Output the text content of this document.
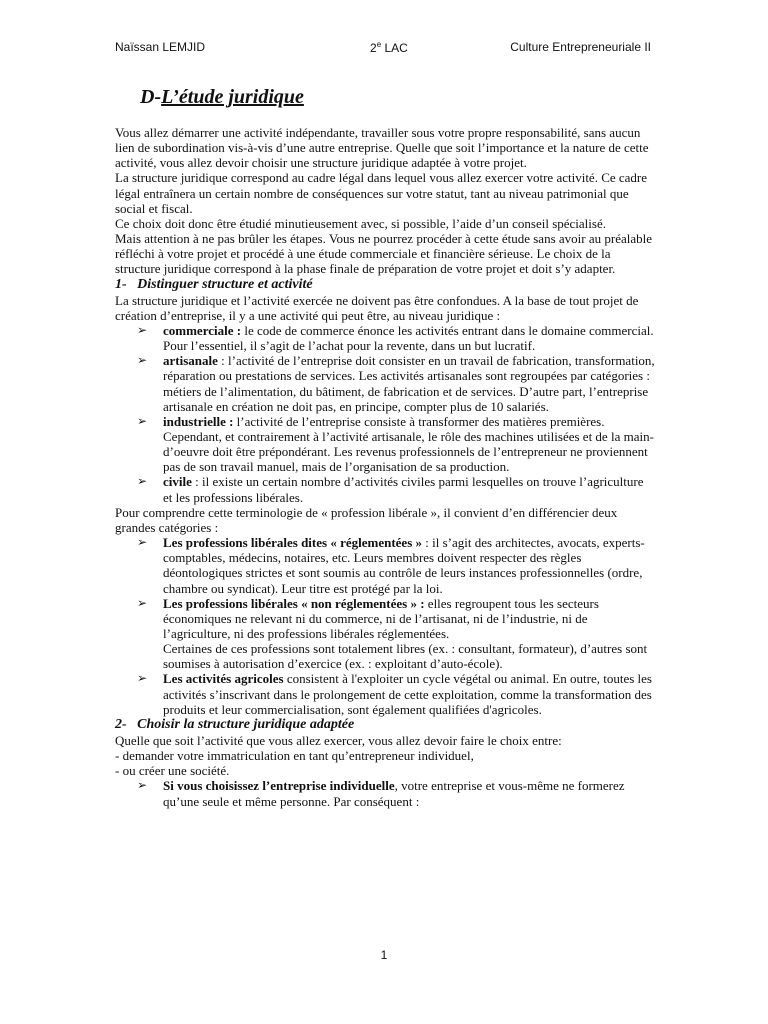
Naïssan LEMJID	2e LAC	Culture Entrepreneuriale II
D-L’étude juridique

Vous allez démarrer une activité indépendante, travailler sous votre propre responsabilité, sans aucun lien de subordination vis-à-vis d’une autre entreprise. Quelle que soit l’importance et la nature de cette activité, vous allez devoir choisir une structure juridique adaptée à votre projet.

La structure juridique correspond au cadre légal dans lequel vous allez exercer votre activité. Ce cadre légal entraînera un certain nombre de conséquences sur votre statut, tant au niveau patrimonial que social et fiscal.

Ce choix doit donc être étudié minutieusement avec, si possible, l’aide d’un conseil spécialisé.

Mais attention à ne pas brûler les étapes. Vous ne pourrez procéder à cette étude sans avoir au préalable réfléchi à votre projet et procédé à une étude commerciale et financière sérieuse. Le choix de la structure juridique correspond à la phase finale de préparation de votre projet et doit s’y adapter.

1- Distinguer structure et activité

La structure juridique et l’activité exercée ne doivent pas être confondues. A la base de tout projet de création d’entreprise, il y a une activité qui peut être, au niveau juridique :

➢ commerciale : le code de commerce énonce les activités entrant dans le domaine commercial. Pour l’essentiel, il s’agit de l’achat pour la revente, dans un but lucratif.

➢ artisanale : l’activité de l’entreprise doit consister en un travail de fabrication, transformation, réparation ou prestations de services. Les activités artisanales sont regroupées par catégories : métiers de l’alimentation, du bâtiment, de fabrication et de services. D’autre part, l’entreprise artisanale en création ne doit pas, en principe, compter plus de 10 salariés.

➢ industrielle : l’activité de l’entreprise consiste à transformer des matières premières. Cependant, et contrairement à l’activité artisanale, le rôle des machines utilisées et de la main-d’oeuvre doit être prépondérant. Les revenus professionnels de l’entrepreneur ne proviennent pas de son travail manuel, mais de l’organisation de sa production.

➢ civile : il existe un certain nombre d’activités civiles parmi lesquelles on trouve l’agriculture et les professions libérales.

Pour comprendre cette terminologie de « profession libérale », il convient d’en différencier deux grandes catégories :

➢ Les professions libérales dites « réglementées » : il s’agit des architectes, avocats, experts-comptables, médecins, notaires, etc. Leurs membres doivent respecter des règles déontologiques strictes et sont soumis au contrôle de leurs instances professionnelles (ordre, chambre ou syndicat). Leur titre est protégé par la loi.

➢ Les professions libérales « non réglementées » : elles regroupent tous les secteurs économiques ne relevant ni du commerce, ni de l’artisanat, ni de l’industrie, ni de l’agriculture, ni des professions libérales réglementées.
Certaines de ces professions sont totalement libres (ex. : consultant, formateur), d’autres sont soumises à autorisation d’exercice (ex. : exploitant d’auto-école).

➢ Les activités agricoles consistent à l'exploiter un cycle végétal ou animal. En outre, toutes les activités s’inscrivant dans le prolongement de cette exploitation, comme la transformation des produits et leur commercialisation, sont également qualifiées d'agricoles.

2- Choisir la structure juridique adaptée

Quelle que soit l’activité que vous allez exercer, vous allez devoir faire le choix entre:

- demander votre immatriculation en tant qu’entrepreneur individuel,

- ou créer une société.

➢ Si vous choisissez l’entreprise individuelle, votre entreprise et vous-même ne formerez qu’une seule et même personne. Par conséquent :

1
